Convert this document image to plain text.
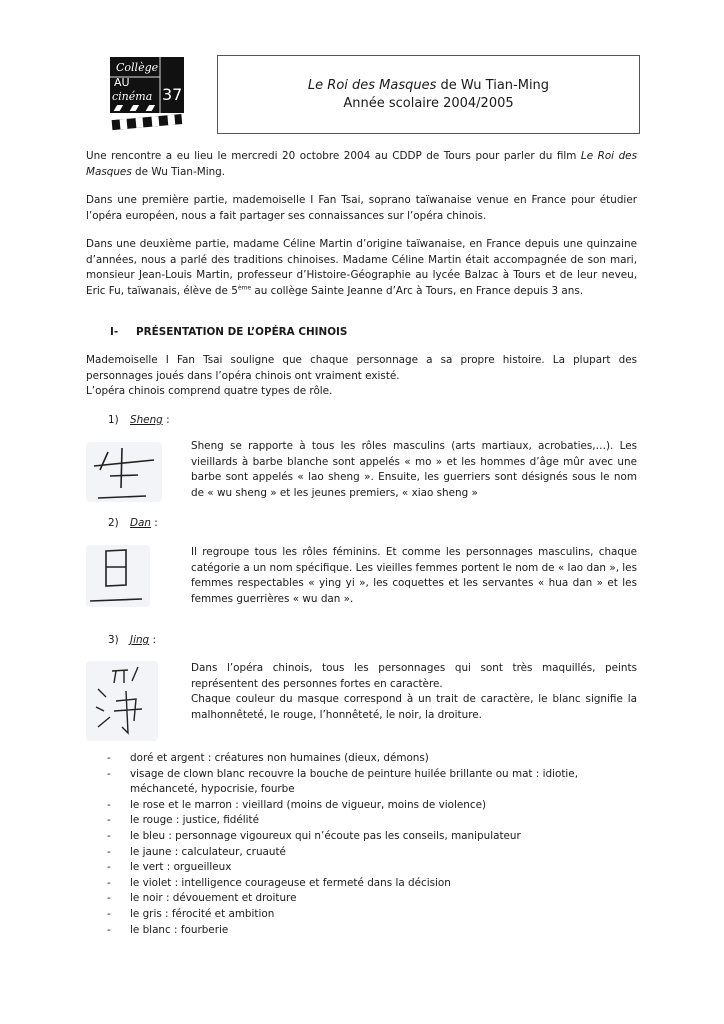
Collège
AU
cinéma 37	Le Roi des Masques de Wu Tian-Ming
Année scolaire 2004/2005

Une rencontre a eu lieu le mercredi 20 octobre 2004 au CDDP de Tours pour parler du film Le Roi des Masques de Wu Tian-Ming.

Dans une première partie, mademoiselle I Fan Tsai, soprano taïwanaise venue en France pour étudier l’opéra européen, nous a fait partager ses connaissances sur l’opéra chinois.

Dans une deuxième partie, madame Céline Martin d’origine taïwanaise, en France depuis une quinzaine d’années, nous a parlé des traditions chinoises. Madame Céline Martin était accompagnée de son mari, monsieur Jean-Louis Martin, professeur d’Histoire-Géographie au lycée Balzac à Tours et de leur neveu, Eric Fu, taïwanais, élève de 5ème au collège Sainte Jeanne d’Arc à Tours, en France depuis 3 ans.

I- PRÉSENTATION DE L’OPÉRA CHINOIS

Mademoiselle I Fan Tsai souligne que chaque personnage a sa propre histoire. La plupart des personnages joués dans l’opéra chinois ont vraiment existé.

L’opéra chinois comprend quatre types de rôle.

1) Sheng :

Sheng se rapporte à tous les rôles masculins (arts martiaux, acrobaties,…). Les vieillards à barbe blanche sont appelés « mo » et les hommes d’âge mûr avec une barbe sont appelés « lao sheng ». Ensuite, les guerriers sont désignés sous le nom de « wu sheng » et les jeunes premiers, « xiao sheng »

2) Dan :

Il regroupe tous les rôles féminins. Et comme les personnages masculins, chaque catégorie a un nom spécifique. Les vieilles femmes portent le nom de « lao dan », les femmes respectables « ying yi », les coquettes et les servantes « hua dan » et les femmes guerrières « wu dan ».

3) Jing :

Dans l’opéra chinois, tous les personnages qui sont très maquillés, peints représentent des personnes fortes en caractère.
Chaque couleur du masque correspond à un trait de caractère, le blanc signifie la malhonnêteté, le rouge, l’honnêteté, le noir, la droiture.

-	doré et argent : créatures non humaines (dieux, démons)
-	visage de clown blanc recouvre la bouche de peinture huilée brillante ou mat : idiotie, méchanceté, hypocrisie, fourbe
-	le rose et le marron : vieillard (moins de vigueur, moins de violence)
-	le rouge : justice, fidélité
-	le bleu : personnage vigoureux qui n’écoute pas les conseils, manipulateur
-	le jaune : calculateur, cruauté
-	le vert : orgueilleux
-	le violet : intelligence courageuse et fermeté dans la décision
-	le noir : dévouement et droiture
-	le gris : férocité et ambition
-	le blanc : fourberie
